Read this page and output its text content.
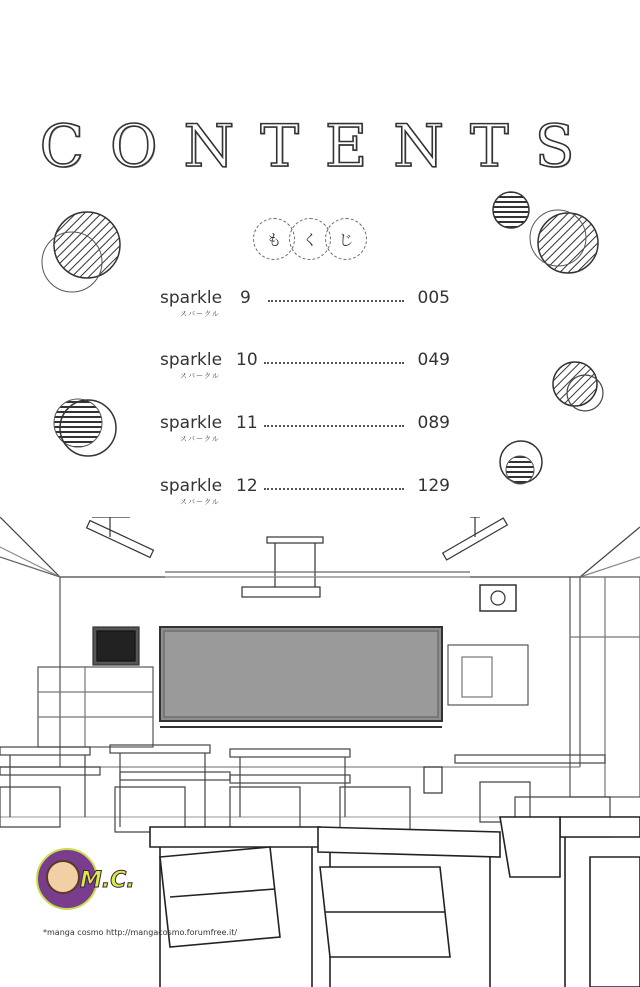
CONTENTS
も	く	じ
sparkle 9
スパークル
005
sparkle 10
スパークル
049
sparkle 11
スパークル
089
sparkle 12
スパークル
129
M.C.
*manga cosmo http://mangacosmo.forumfree.it/
